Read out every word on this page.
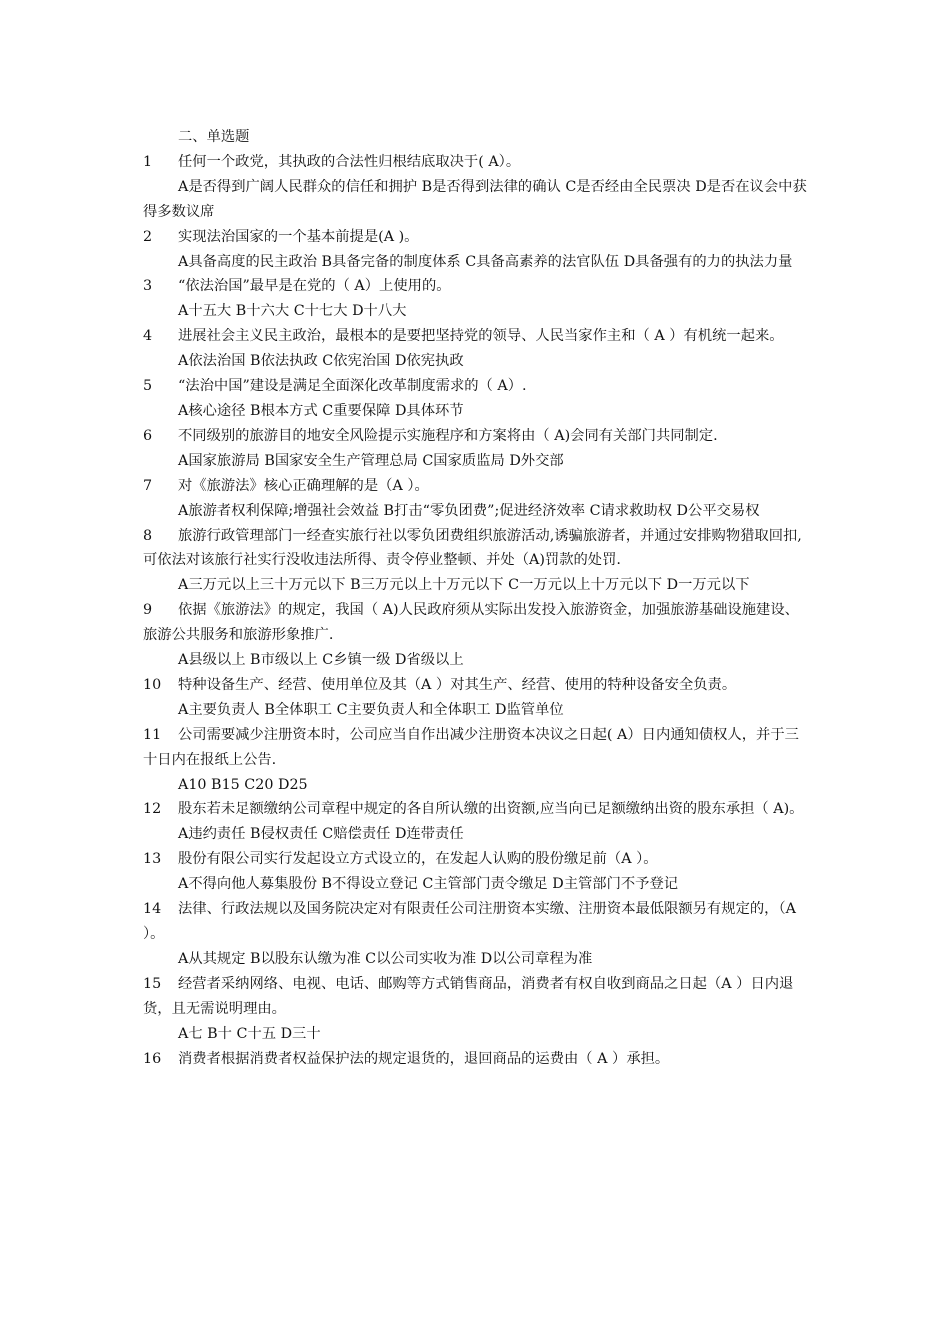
二、单选题

1 任何一个政党，其执政的合法性归根结底取决于( A）。

A是否得到广阔人民群众的信任和拥护 B是否得到法律的确认 C是否经由全民票决 D是否在议会中获得多数议席

2 实现法治国家的一个基本前提是(A )。

A具备高度的民主政治 B具备完备的制度体系 C具备高素养的法官队伍 D具备强有的力的执法力量

3 “依法治国”最早是在党的（ A）上使用的。

A十五大 B十六大 C十七大 D十八大

4 进展社会主义民主政治，最根本的是要把坚持党的领导、人民当家作主和（ A ）有机统一起来。

A依法治国 B依法执政 C依宪治国 D依宪执政

5 “法治中国”建设是满足全面深化改革制度需求的（ A）.

A核心途径 B根本方式 C重要保障 D具体环节

6 不同级别的旅游目的地安全风险提示实施程序和方案将由（ A)会同有关部门共同制定.

A国家旅游局 B国家安全生产管理总局 C国家质监局 D外交部

7 对《旅游法》核心正确理解的是（A ）。

A旅游者权利保障;增强社会效益 B打击“零负团费”;促进经济效率 C请求救助权 D公平交易权

8 旅游行政管理部门一经查实旅行社以零负团费组织旅游活动,诱骗旅游者，并通过安排购物猎取回扣,可依法对该旅行社实行没收违法所得、责令停业整顿、并处（A)罚款的处罚.

A三万元以上三十万元以下 B三万元以上十万元以下 C一万元以上十万元以下 D一万元以下

9 依据《旅游法》的规定，我国（ A)人民政府须从实际出发投入旅游资金，加强旅游基础设施建设、旅游公共服务和旅游形象推广.

A县级以上 B市级以上 C乡镇一级 D省级以上

10 特种设备生产、经营、使用单位及其（A ）对其生产、经营、使用的特种设备安全负责。

A主要负责人 B全体职工 C主要负责人和全体职工 D监管单位

11 公司需要减少注册资本时，公司应当自作出减少注册资本决议之日起( A）日内通知债权人，并于三十日内在报纸上公告.

A10 B15 C20 D25

12 股东若未足额缴纳公司章程中规定的各自所认缴的出资额,应当向已足额缴纳出资的股东承担（ A)。

A违约责任 B侵权责任 C赔偿责任 D连带责任

13 股份有限公司实行发起设立方式设立的，在发起人认购的股份缴足前（A ）。

A不得向他人募集股份 B不得设立登记 C主管部门责令缴足 D主管部门不予登记

14 法律、行政法规以及国务院决定对有限责任公司注册资本实缴、注册资本最低限额另有规定的，（A ）。

A从其规定 B以股东认缴为准 C以公司实收为准 D以公司章程为准

15 经营者采纳网络、电视、电话、邮购等方式销售商品，消费者有权自收到商品之日起（A ）日内退货，且无需说明理由。

A七 B十 C十五 D三十

16 消费者根据消费者权益保护法的规定退货的，退回商品的运费由（ A ）承担。
